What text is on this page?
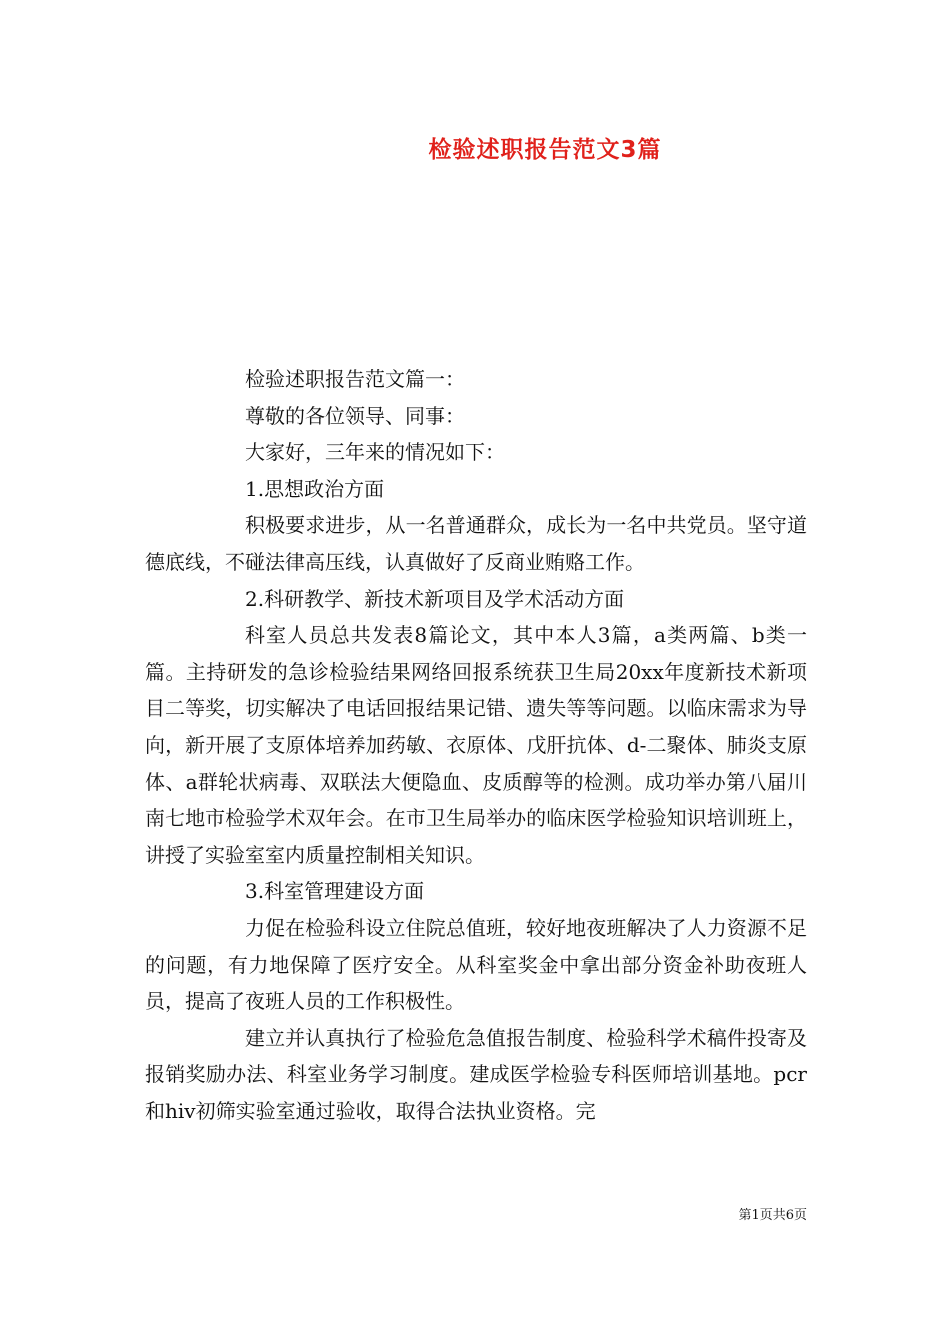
检验述职报告范文3篇

检验述职报告范文篇一：

尊敬的各位领导、同事：

大家好，三年来的情况如下：

1.思想政治方面

积极要求进步，从一名普通群众，成长为一名中共党员。坚守道德底线，不碰法律高压线，认真做好了反商业贿赂工作。

2.科研教学、新技术新项目及学术活动方面

科室人员总共发表8篇论文，其中本人3篇，a类两篇、b类一篇。主持研发的急诊检验结果网络回报系统获卫生局20xx年度新技术新项目二等奖，切实解决了电话回报结果记错、遗失等等问题。以临床需求为导向，新开展了支原体培养加药敏、衣原体、戊肝抗体、d-二聚体、肺炎支原体、a群轮状病毒、双联法大便隐血、皮质醇等的检测。成功举办第八届川南七地市检验学术双年会。在市卫生局举办的临床医学检验知识培训班上，讲授了实验室室内质量控制相关知识。

3.科室管理建设方面

力促在检验科设立住院总值班，较好地夜班解决了人力资源不足的问题，有力地保障了医疗安全。从科室奖金中拿出部分资金补助夜班人员，提高了夜班人员的工作积极性。

建立并认真执行了检验危急值报告制度、检验科学术稿件投寄及报销奖励办法、科室业务学习制度。建成医学检验专科医师培训基地。pcr和hiv初筛实验室通过验收，取得合法执业资格。完

第1页共6页
